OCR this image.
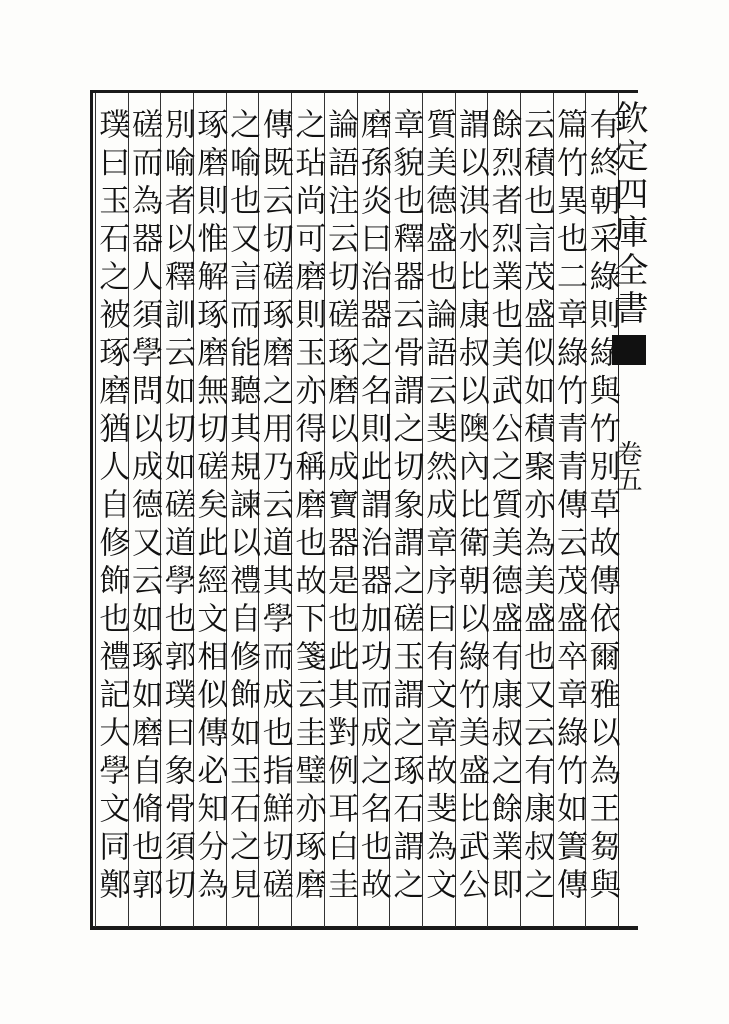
欽定四庫全書
卷五
有終朝采綠則綠與竹別草故傳依爾雅以為王芻與
篇竹異也二章綠竹青青傳云茂盛卒章綠竹如簀傳
云積也言茂盛似如積聚亦為美盛也又云有康叔之
餘烈者烈業也美武公之質美德盛有康叔之餘業即
謂以淇水比康叔以隩內比衛朝以綠竹美盛比武公
質美德盛也論語云斐然成章序曰有文章故斐為文
章貌也釋器云骨謂之切象謂之磋玉謂之琢石謂之
磨孫炎曰治器之名則此謂治器加功而成之名也故
論語注云切磋琢磨以成寶器是也此其對例耳白圭
之玷尚可磨則玉亦得稱磨也故下箋云圭璧亦琢磨
傳既云切磋琢磨之用乃云道其學而成也指鮮切磋
之喻也又言而能聽其規諫以禮自修飾如玉石之見
琢磨則惟解琢磨無切磋矣此經文相似傳必知分為
別喻者以釋訓云如切如磋道學也郭璞曰象骨須切
磋而為器人須學問以成德又云如琢如磨自脩也郭
璞曰玉石之被琢磨猶人自修飾也禮記大學文同鄭
